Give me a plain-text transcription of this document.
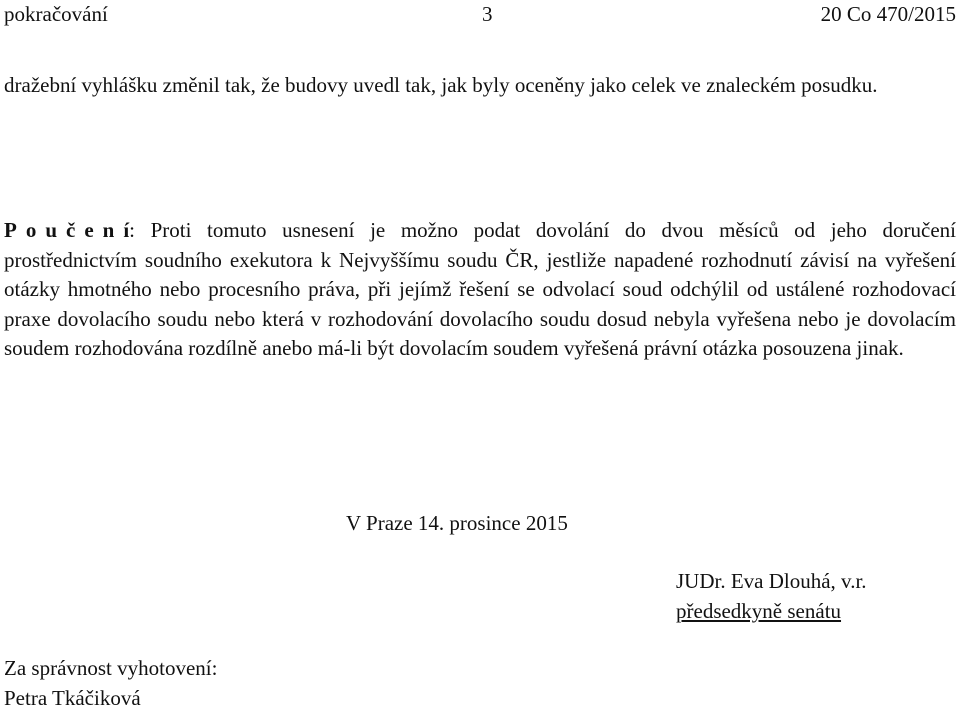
pokračování	3	20 Co 470/2015
dražební vyhlášku změnil tak, že budovy uvedl tak, jak byly oceněny jako celek ve znaleckém posudku.
Poučení: Proti tomuto usnesení je možno podat dovolání do dvou měsíců od jeho doručení prostřednictvím soudního exekutora k Nejvyššímu soudu ČR, jestliže napadené rozhodnutí závisí na vyřešení otázky hmotného nebo procesního práva, při jejímž řešení se odvolací soud odchýlil od ustálené rozhodovací praxe dovolacího soudu nebo která v rozhodování dovolacího soudu dosud nebyla vyřešena nebo je dovolacím soudem rozhodována rozdílně anebo má-li být dovolacím soudem vyřešená právní otázka posouzena jinak.
V Praze 14. prosince 2015
JUDr. Eva Dlouhá, v.r.
předsedkyně senátu
Za správnost vyhotovení:
Petra Tkáčiková
